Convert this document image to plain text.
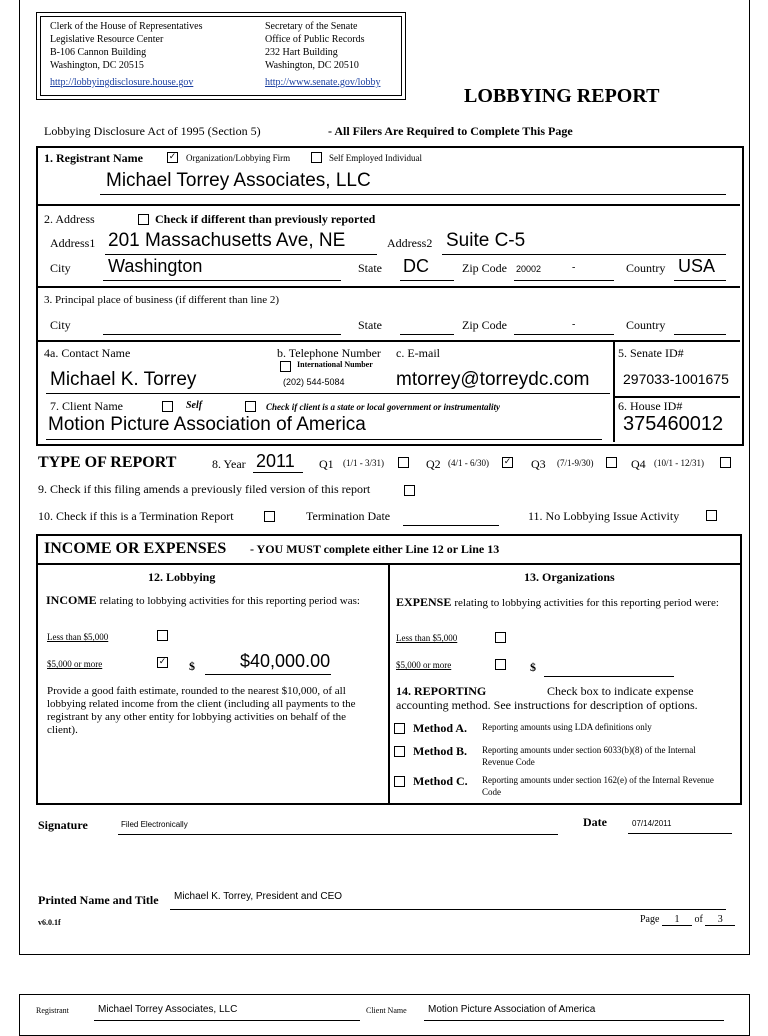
Clerk of the House of Representatives
Legislative Resource Center
B-106 Cannon Building
Washington, DC 20515
http://lobbyingdisclosure.house.gov
Secretary of the Senate
Office of Public Records
232 Hart Building
Washington, DC 20510
http://www.senate.gov/lobby
LOBBYING REPORT
Lobbying Disclosure Act of 1995 (Section 5)	- All Filers Are Required to Complete This Page
1. Registrant Name	✓ Organization/Lobbying Firm	Self Employed Individual
Michael Torrey Associates, LLC
2. Address	Check if different than previously reported
Address1 201 Massachusetts Ave, NE	Address2 Suite C-5
City Washington	State DC	Zip Code 20002	-	Country USA
3. Principal place of business (if different than line 2)
City	State	Zip Code	-	Country
4a. Contact Name	b. Telephone Number
International Number
c. E-mail
Michael K. Torrey	(202) 544-5084	mtorrey@torreydc.com
5. Senate ID#
297033-1001675
7. Client Name	Self	Check if client is a state or local government or instrumentality
Motion Picture Association of America
6. House ID#
375460012
TYPE OF REPORT	8. Year 2011 Q1 (1/1 - 3/31)	Q2 (4/1 - 6/30) ✓ Q3 (7/1-9/30)	Q4 (10/1 - 12/31)
9. Check if this filing amends a previously filed version of this report
10. Check if this is a Termination Report	Termination Date	11. No Lobbying Issue Activity
INCOME OR EXPENSES - YOU MUST complete either Line 12 or Line 13
12. Lobbying
INCOME relating to lobbying activities for this reporting period was:
Less than $5,000
$5,000 or more	✓ $	$40,000.00
Provide a good faith estimate, rounded to the nearest $10,000, of all lobbying related income from the client (including all payments to the registrant by any other entity for lobbying activities on behalf of the client).
13. Organizations
EXPENSE relating to lobbying activities for this reporting period were:
Less than $5,000
$5,000 or more	$
14. REPORTING	Check box to indicate expense
accounting method. See instructions for description of options.
Method A. Reporting amounts using LDA definitions only
Method B. Reporting amounts under section 6033(b)(8) of the Internal Revenue Code
Method C. Reporting amounts under section 162(e) of the Internal Revenue Code
Signature	Filed Electronically	Date	07/14/2011
Printed Name and Title Michael K. Torrey, President and CEO
v6.0.1f	Page 1 of 3
Registrant	Michael Torrey Associates, LLC	Client Name Motion Picture Association of America
